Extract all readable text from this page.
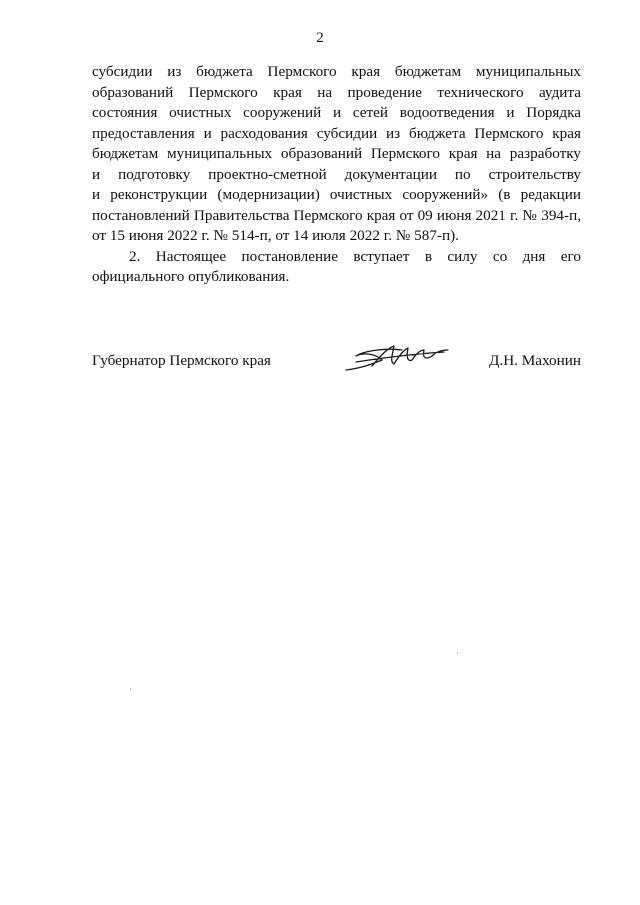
2
субсидии из бюджета Пермского края бюджетам муниципальных
образований Пермского края на проведение технического аудита
состояния очистных сооружений и сетей водоотведения и Порядка
предоставления и расходования субсидии из бюджета Пермского края
бюджетам муниципальных образований Пермского края на разработку
и подготовку проектно-сметной документации по строительству
и реконструкции (модернизации) очистных сооружений» (в редакции
постановлений Правительства Пермского края от 09 июня 2021 г. № 394-п,
от 15 июня 2022 г. № 514-п, от 14 июля 2022 г. № 587-п).
2. Настоящее постановление вступает в силу со дня его
официального опубликования.
Губернатор Пермского края	Д.Н. Махонин
